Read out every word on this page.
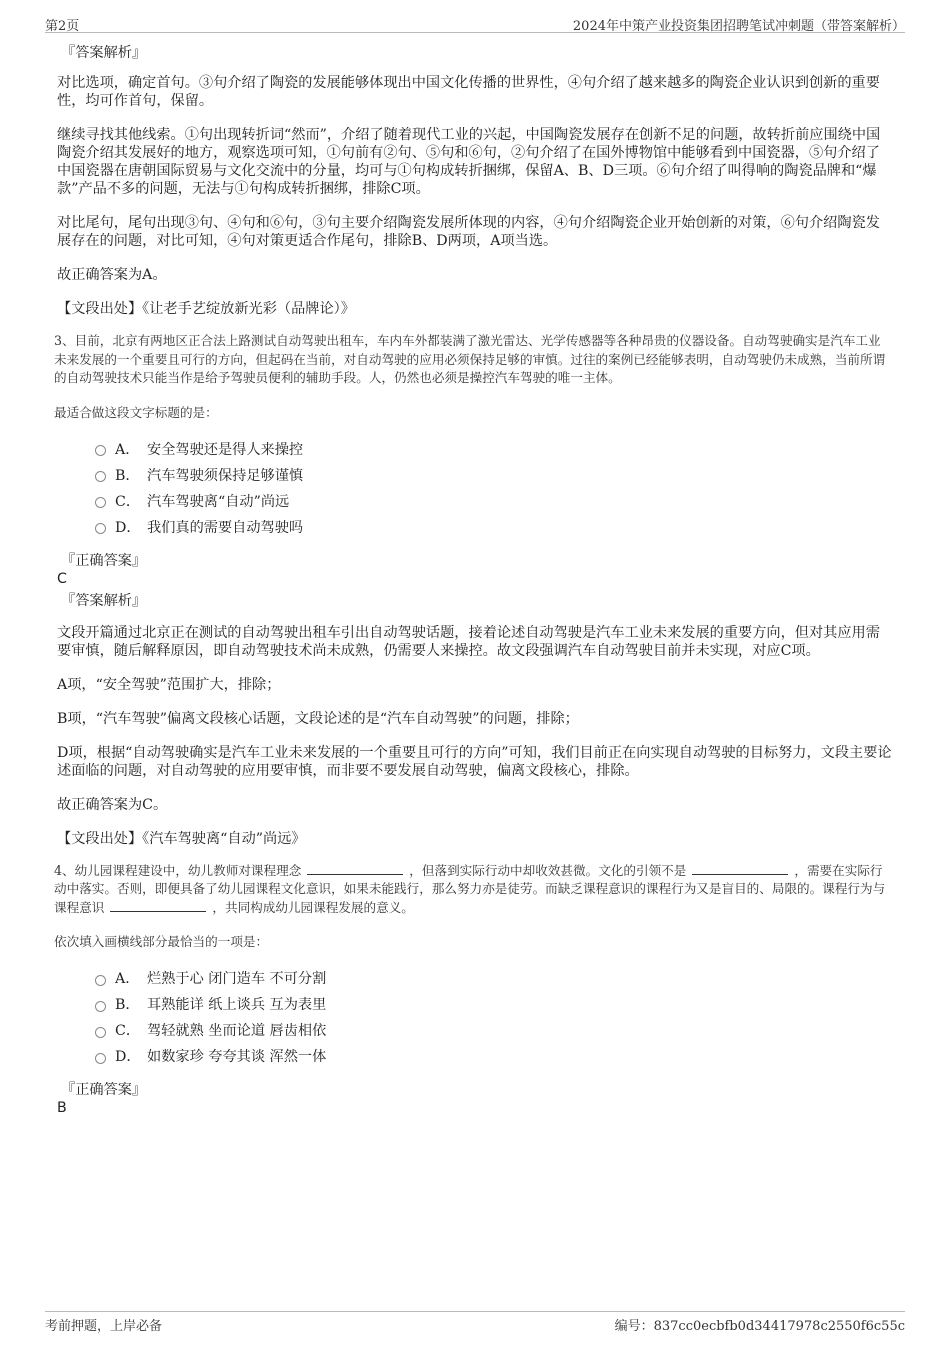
第2页	2024年中策产业投资集团招聘笔试冲刺题（带答案解析）

『答案解析』

对比选项，确定首句。③句介绍了陶瓷的发展能够体现出中国文化传播的世界性，④句介绍了越来越多的陶瓷企业认识到创新的重要性，均可作首句，保留。

继续寻找其他线索。①句出现转折词“然而”，介绍了随着现代工业的兴起，中国陶瓷发展存在创新不足的问题，故转折前应围绕中国陶瓷介绍其发展好的地方，观察选项可知，①句前有②句、⑤句和⑥句，②句介绍了在国外博物馆中能够看到中国瓷器，⑤句介绍了中国瓷器在唐朝国际贸易与文化交流中的分量，均可与①句构成转折捆绑，保留A、B、D三项。⑥句介绍了叫得响的陶瓷品牌和“爆款”产品不多的问题，无法与①句构成转折捆绑，排除C项。

对比尾句，尾句出现③句、④句和⑥句，③句主要介绍陶瓷发展所体现的内容，④句介绍陶瓷企业开始创新的对策，⑥句介绍陶瓷发展存在的问题，对比可知，④句对策更适合作尾句，排除B、D两项，A项当选。

故正确答案为A。

【文段出处】《让老手艺绽放新光彩（品牌论）》

3、目前，北京有两地区正合法上路测试自动驾驶出租车，车内车外都装满了激光雷达、光学传感器等各种昂贵的仪器设备。自动驾驶确实是汽车工业未来发展的一个重要且可行的方向，但起码在当前，对自动驾驶的应用必须保持足够的审慎。过往的案例已经能够表明，自动驾驶仍未成熟，当前所谓的自动驾驶技术只能当作是给予驾驶员便利的辅助手段。人，仍然也必须是操控汽车驾驶的唯一主体。

最适合做这段文字标题的是：

A． 安全驾驶还是得人来操控
B． 汽车驾驶须保持足够谨慎
C． 汽车驾驶离“自动”尚远
D． 我们真的需要自动驾驶吗

『正确答案』

C

『答案解析』

文段开篇通过北京正在测试的自动驾驶出租车引出自动驾驶话题，接着论述自动驾驶是汽车工业未来发展的重要方向，但对其应用需要审慎，随后解释原因，即自动驾驶技术尚未成熟，仍需要人来操控。故文段强调汽车自动驾驶目前并未实现，对应C项。

A项，“安全驾驶”范围扩大，排除；

B项，“汽车驾驶”偏离文段核心话题，文段论述的是“汽车自动驾驶”的问题，排除；

D项，根据“自动驾驶确实是汽车工业未来发展的一个重要且可行的方向”可知，我们目前正在向实现自动驾驶的目标努力，文段主要论述面临的问题，对自动驾驶的应用要审慎，而非要不要发展自动驾驶，偏离文段核心，排除。

故正确答案为C。

【文段出处】《汽车驾驶离“自动”尚远》

4、幼儿园课程建设中，幼儿教师对课程理念	，但落到实际行动中却收效甚微。文化的引领不是	，需要在实际行动中落实。否则，即便具备了幼儿园课程文化意识，如果未能践行，那么努力亦是徒劳。而缺乏课程意识的课程行为又是盲目的、局限的。课程行为与课程意识	，共同构成幼儿园课程发展的意义。

依次填入画横线部分最恰当的一项是：

A． 烂熟于心 闭门造车 不可分割
B． 耳熟能详 纸上谈兵 互为表里
C． 驾轻就熟 坐而论道 唇齿相依
D． 如数家珍 夸夸其谈 浑然一体

『正确答案』

B

考前押题，上岸必备	编号：837cc0ecbfb0d34417978c2550f6c55c
